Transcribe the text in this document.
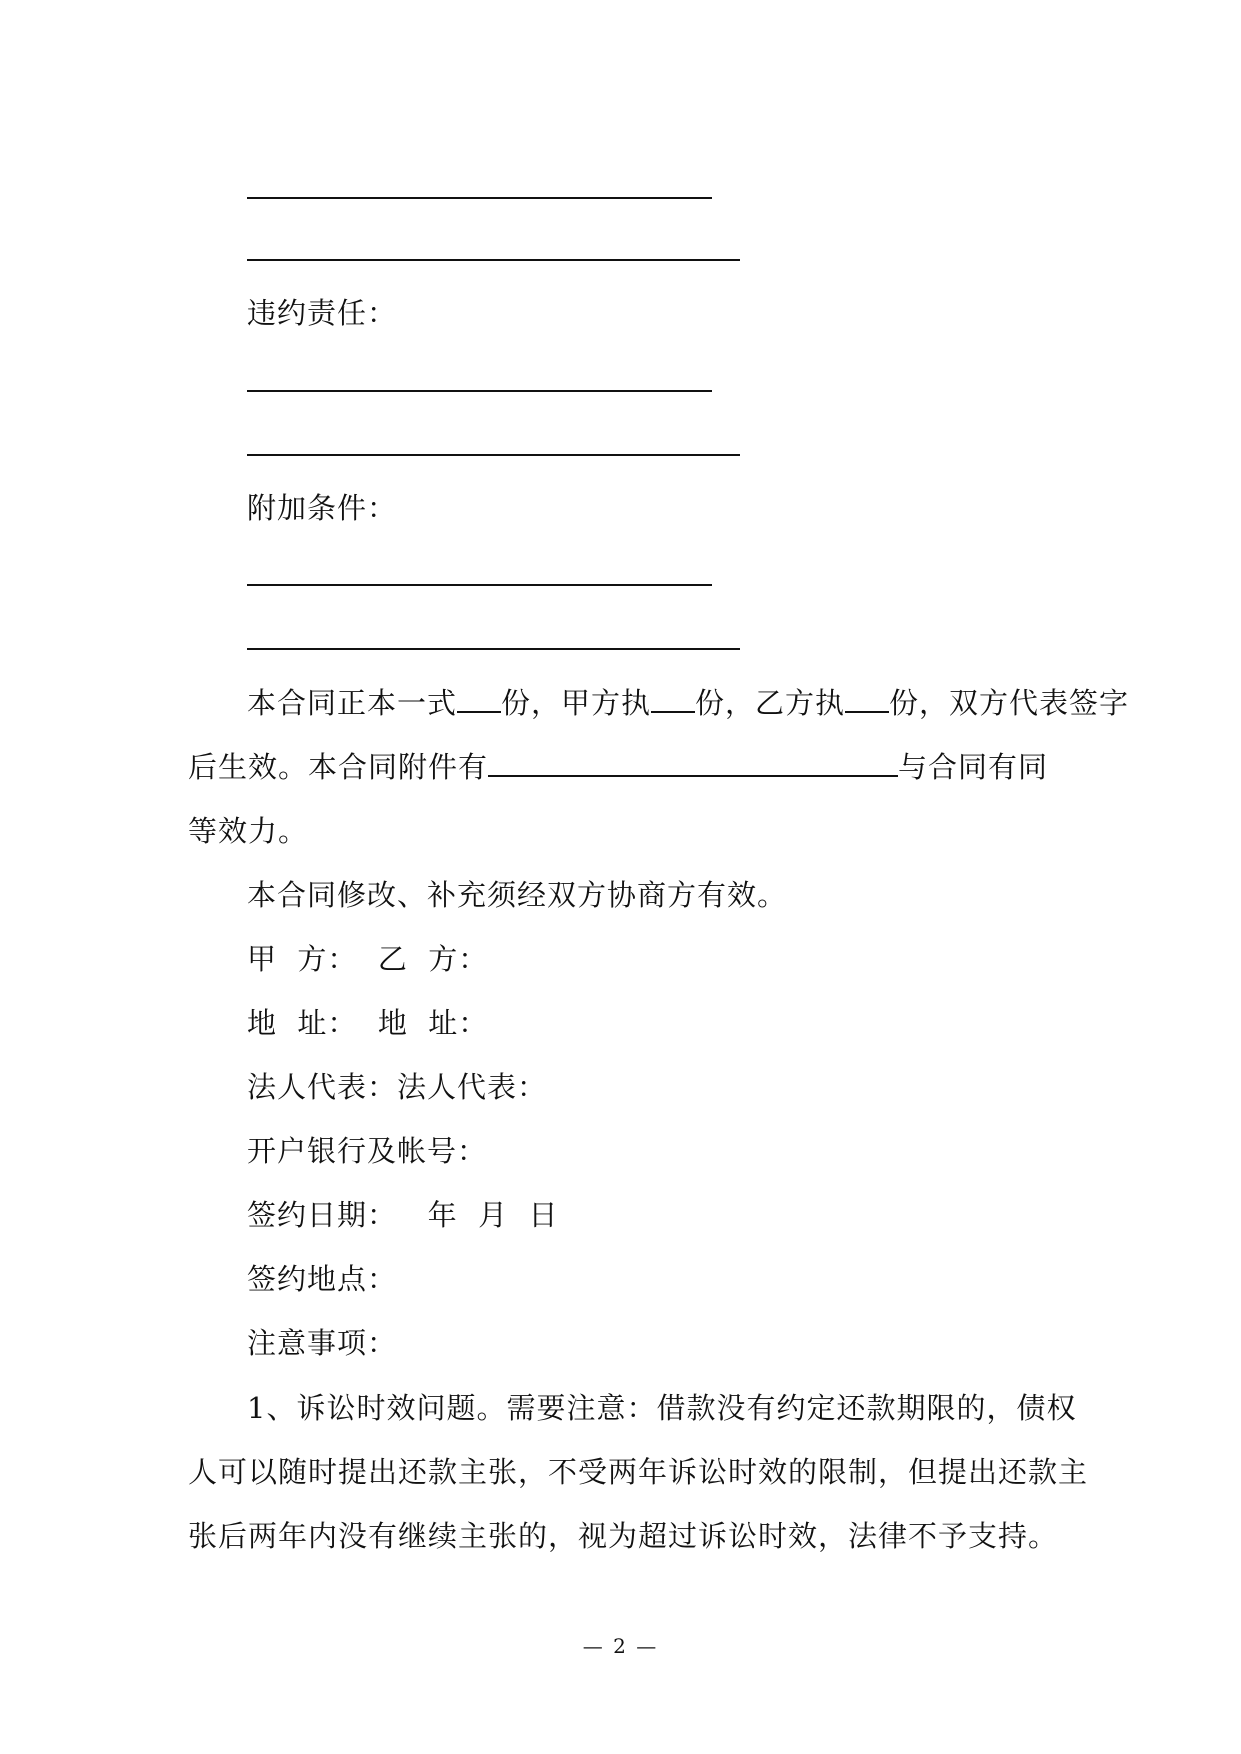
违约责任：
附加条件：
本合同正本一式 份，甲方执 份，乙方执 份，双方代表签字
后生效。本合同附件有	与合同有同
等效力。
本合同修改、补充须经双方协商方有效。
甲  方：  乙  方：
地  址：  地  址：
法人代表：法人代表：
开户银行及帐号：
签约日期：   年  月  日
签约地点：
注意事项：
1、诉讼时效问题。需要注意：借款没有约定还款期限的，债权
人可以随时提出还款主张，不受两年诉讼时效的限制，但提出还款主
张后两年内没有继续主张的，视为超过诉讼时效，法律不予支持。
— 2 —
